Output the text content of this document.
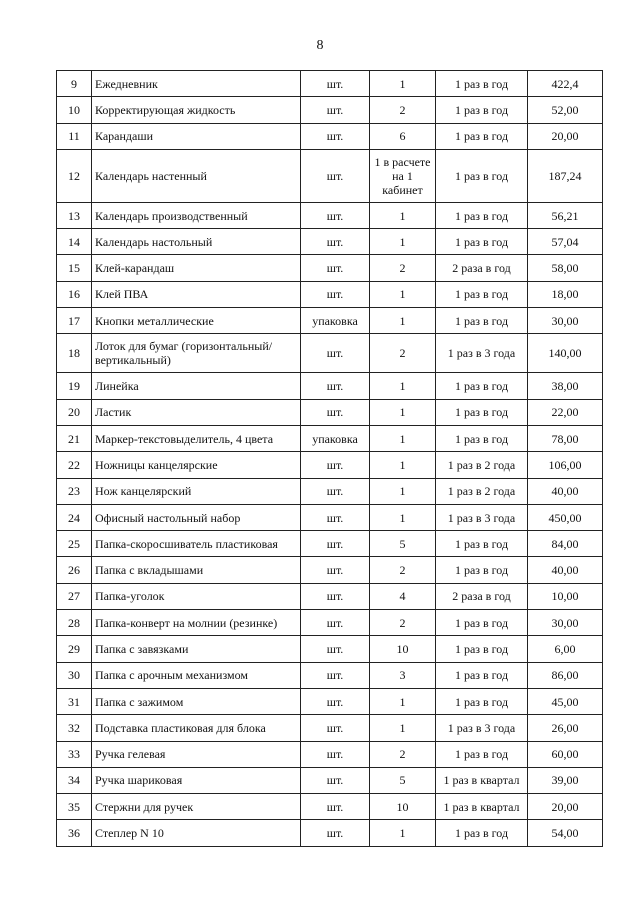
8
9	Ежедневник	шт.	1	1 раз в год	422,4
10	Корректирующая жидкость	шт.	2	1 раз в год	52,00
11	Карандаши	шт.	6	1 раз в год	20,00
12	Календарь настенный	шт.	1 в расчете на 1 кабинет	1 раз в год	187,24
13	Календарь производственный	шт.	1	1 раз в год	56,21
14	Календарь настольный	шт.	1	1 раз в год	57,04
15	Клей-карандаш	шт.	2	2 раза в год	58,00
16	Клей ПВА	шт.	1	1 раз в год	18,00
17	Кнопки металлические	упаковка	1	1 раз в год	30,00
18	Лоток для бумаг (горизонтальный/вертикальный)	шт.	2	1 раз в 3 года	140,00
19	Линейка	шт.	1	1 раз в год	38,00
20	Ластик	шт.	1	1 раз в год	22,00
21	Маркер-текстовыделитель, 4 цвета	упаковка	1	1 раз в год	78,00
22	Ножницы канцелярские	шт.	1	1 раз в 2 года	106,00
23	Нож канцелярский	шт.	1	1 раз в 2 года	40,00
24	Офисный настольный набор	шт.	1	1 раз в 3 года	450,00
25	Папка-скоросшиватель пластиковая	шт.	5	1 раз в год	84,00
26	Папка с вкладышами	шт.	2	1 раз в год	40,00
27	Папка-уголок	шт.	4	2 раза в год	10,00
28	Папка-конверт на молнии (резинке)	шт.	2	1 раз в год	30,00
29	Папка с завязками	шт.	10	1 раз в год	6,00
30	Папка с арочным механизмом	шт.	3	1 раз в год	86,00
31	Папка с зажимом	шт.	1	1 раз в год	45,00
32	Подставка пластиковая для блока	шт.	1	1 раз в 3 года	26,00
33	Ручка гелевая	шт.	2	1 раз в год	60,00
34	Ручка шариковая	шт.	5	1 раз в квартал	39,00
35	Стержни для ручек	шт.	10	1 раз в квартал	20,00
36	Степлер N 10	шт.	1	1 раз в год	54,00
